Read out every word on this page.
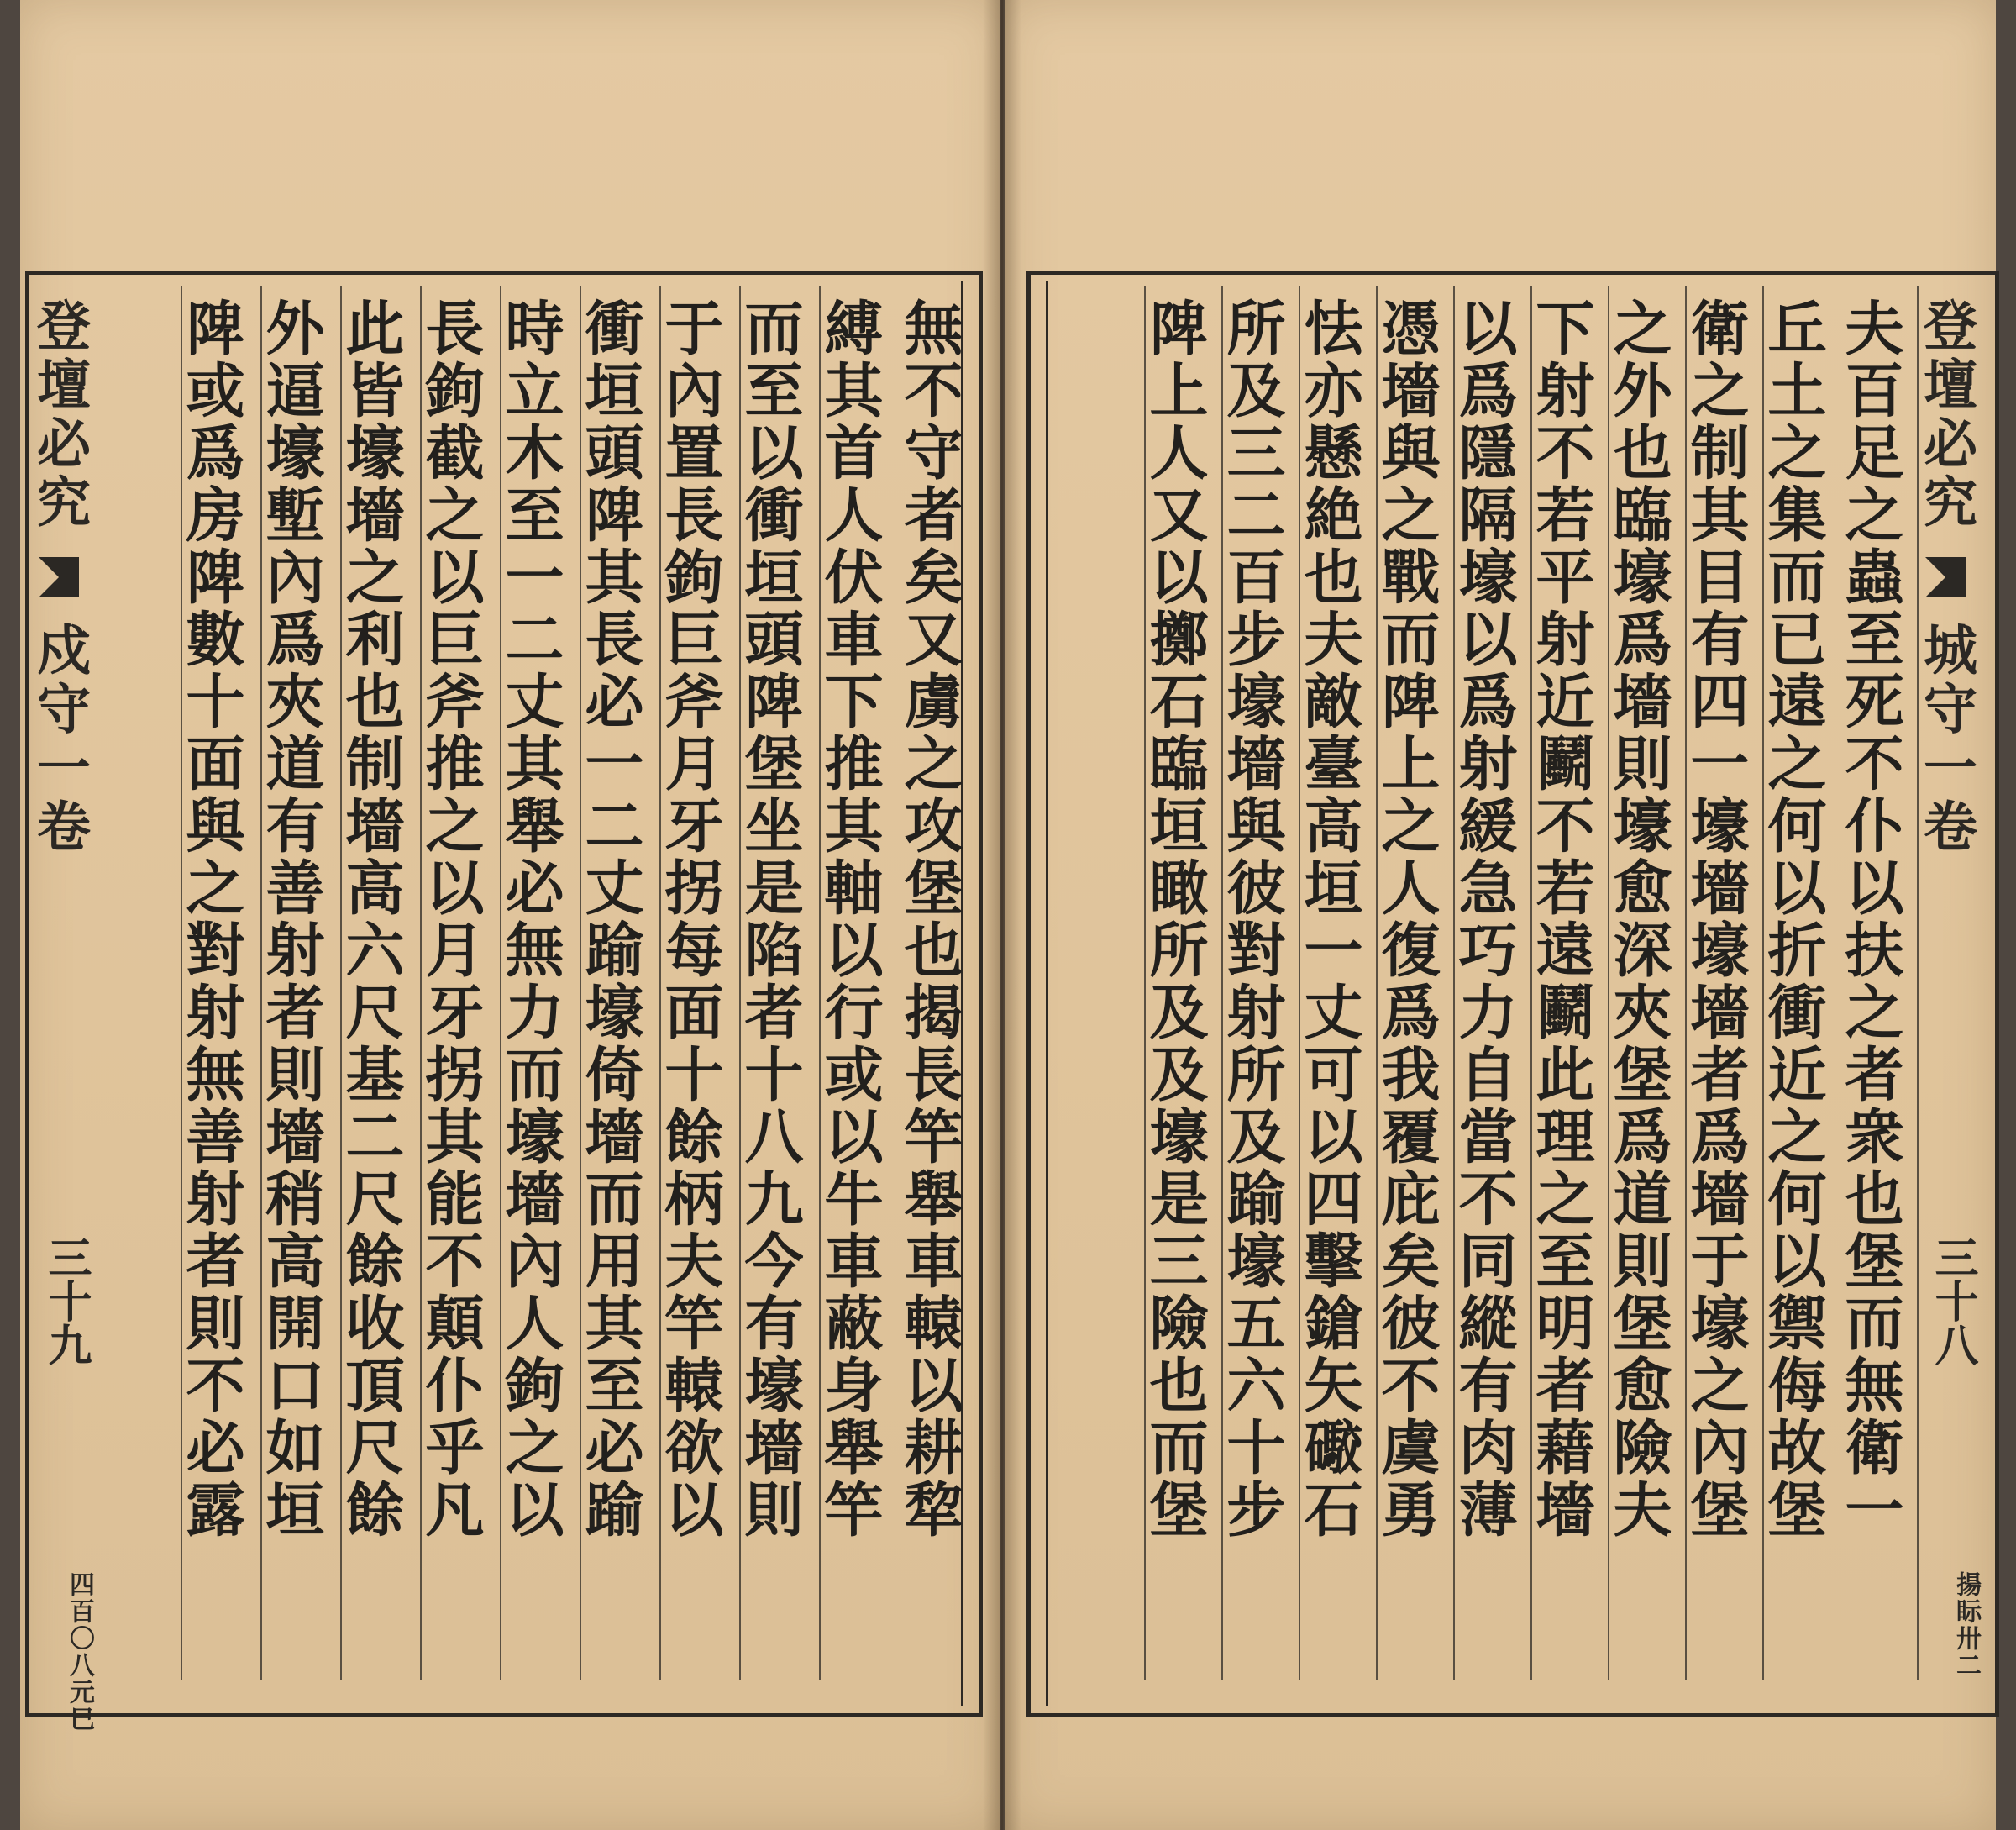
登壇必究  戍守一卷
三十九
四百〇八元巳
無不守者矣又虜之攻堡也揭長竿舉車轅以耕犂
縛其首人伏車下推其軸以行或以牛車蔽身舉竿
而至以衝垣頭陴堡坐是陷者十八九今有壕墻則
于內置長鉤巨斧月牙拐每面十餘柄夫竿轅欲以
衝垣頭陴其長必一二丈踰壕倚墻而用其至必踰
時立木至一二丈其舉必無力而壕墻內人鉤之以
長鉤截之以巨斧推之以月牙拐其能不顛仆乎凡
此皆壕墻之利也制墻高六尺基二尺餘收頂尺餘
外逼壕塹內爲夾道有善射者則墻稍高開口如垣
陴或爲房陴數十面與之對射無善射者則不必露	夫百足之蟲至死不仆以扶之者衆也堡而無衛一
丘土之集而已遠之何以折衝近之何以禦侮故堡
衛之制其目有四一壕墻壕墻者爲墻于壕之內堡
之外也臨壕爲墻則壕愈深夾堡爲道則堡愈險夫
下射不若平射近鬬不若遠鬬此理之至明者藉墻
以爲隱隔壕以爲射緩急巧力自當不同縱有肉薄
憑墻與之戰而陴上之人復爲我覆庇矣彼不虞勇
怯亦懸絶也夫敵臺高垣一丈可以四擊鎗矢礮石
所及三二百步壕墻與彼對射所及踰壕五六十步
陴上人又以擲石臨垣瞰所及及壕是三險也而堡	登壇必究  城守一卷
三十八
揚眎卅二
